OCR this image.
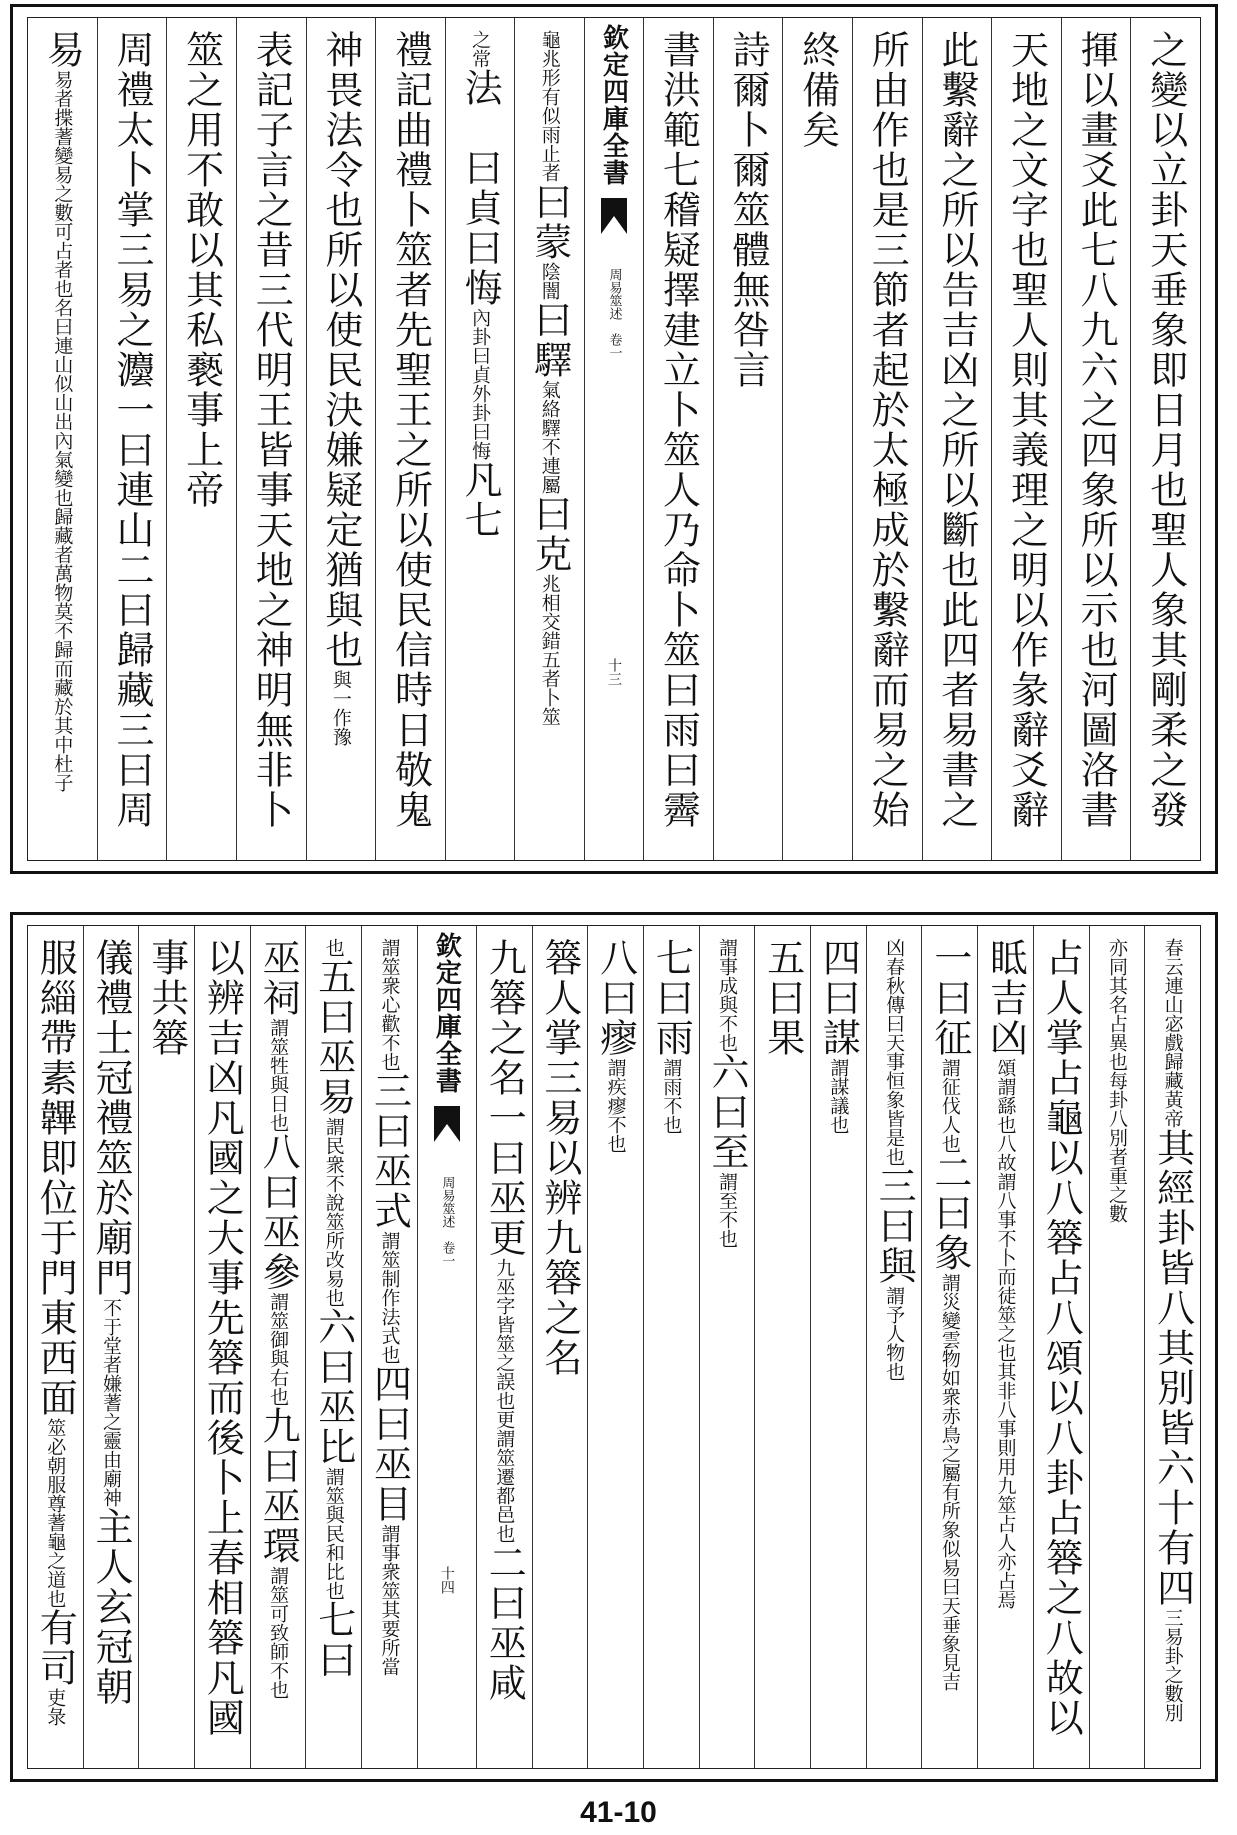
之變以立卦天垂象即日月也聖人象其剛柔之發
揮以畫爻此七八九六之四象所以示也河圖洛書
天地之文字也聖人則其義理之明以作彖辭爻辭
此繫辭之所以告吉凶之所以斷也此四者易書之
所由作也是三節者起於太極成於繫辭而易之始
終備矣
詩爾卜爾筮體無咎言
書洪範七稽疑擇建立卜筮人乃命卜筮曰雨曰霽
欽定四庫全書
周易筮述　卷一
十三
龜兆形有似雨止者曰蒙陰闇曰驛氣絡驛不連屬曰克兆相交錯五者卜筮
之常法　曰貞曰悔內卦曰貞外卦曰悔凡七
禮記曲禮卜筮者先聖王之所以使民信時日敬鬼
神畏法令也所以使民決嫌疑定猶與也與一作豫
表記子言之昔三代明王皆事天地之神明無非卜
筮之用不敢以其私褻事上帝
周禮太卜掌三易之灋一曰連山二曰歸藏三曰周
易易者揲蓍變易之數可占者也名曰連山似山出內氣變也歸藏者萬物莫不歸而藏於其中杜子
春云連山宓戲歸藏黃帝其經卦皆八其別皆六十有四三易卦之數別
亦同其名占異也每卦八別者重之數
占人掌占龜以八簭占八頌以八卦占簭之八故以
眡吉凶頌謂繇也八故謂八事不卜而徒筮之也其非八事則用九筮占人亦占焉
一曰征謂征伐人也二曰象謂災變雲物如衆赤鳥之屬有所象似易曰天垂象見吉
凶春秋傳曰天事恒象皆是也三曰與謂予人物也
四曰謀謂謀議也
五曰果
謂事成與不也六曰至謂至不也
七曰雨謂雨不也
八曰瘳謂疾瘳不也
簭人掌三易以辨九簭之名
九簭之名一曰巫更九巫字皆筮之誤也更謂筮遷都邑也二曰巫咸
欽定四庫全書
周易筮述　卷一
十四
謂筮衆心歡不也三曰巫式謂筮制作法式也四曰巫目謂事衆筮其要所當
也五曰巫易謂民衆不說筮所改易也六曰巫比謂筮與民和比也七曰
巫祠謂筮牲與日也八曰巫參謂筮御與右也九曰巫環謂筮可致師不也
以辨吉凶凡國之大事先簭而後卜上春相簭凡國
事共簭
儀禮士冠禮筮於廟門不于堂者嫌蓍之靈由廟神主人玄冠朝
服緇帶素韠即位于門東西面筮必朝服尊蓍龜之道也有司吏彔
41-10
